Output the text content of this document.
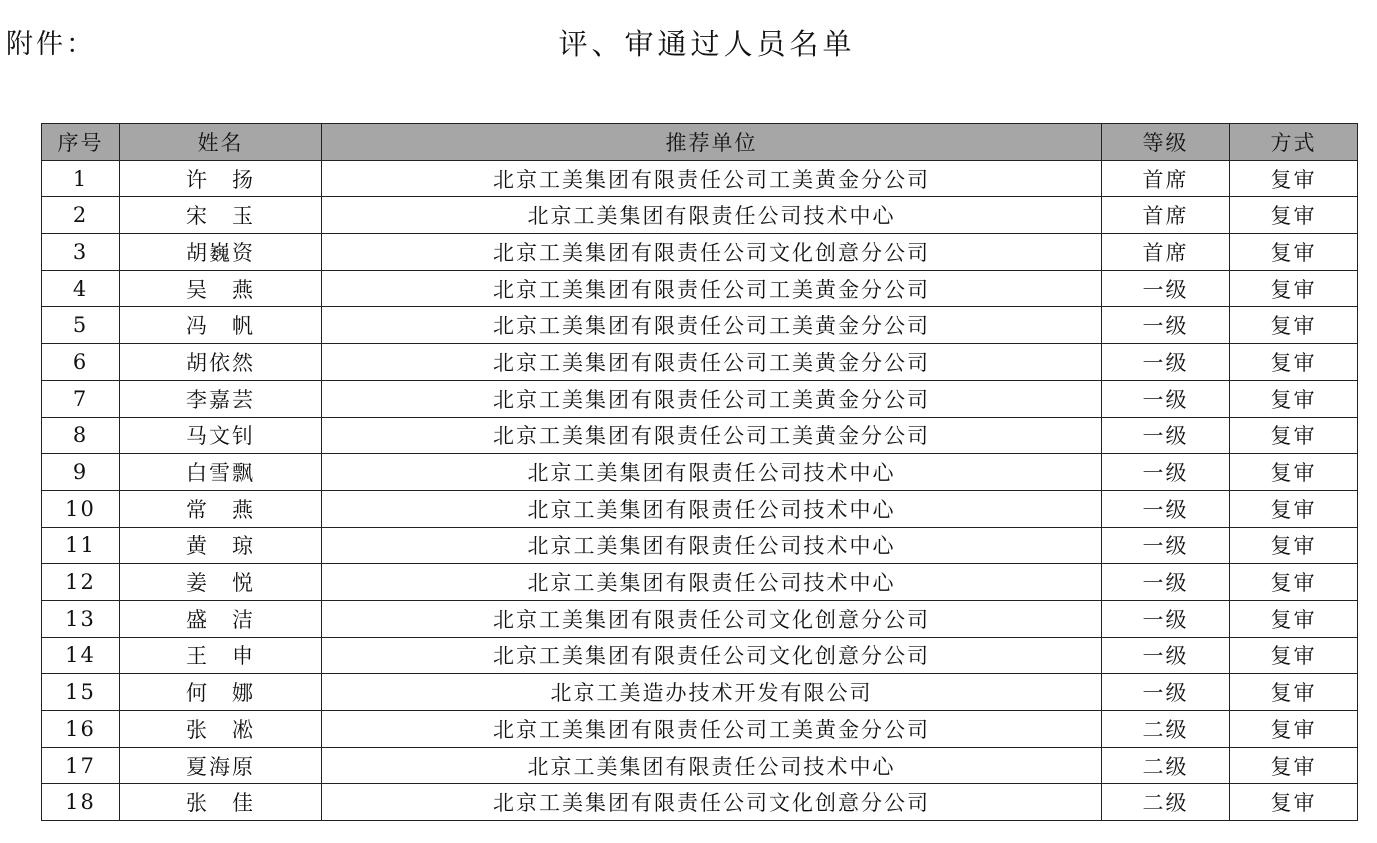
附件：	评、审通过人员名单
序号	姓名	推荐单位	等级	方式
1	许　扬	北京工美集团有限责任公司工美黄金分公司	首席	复审
2	宋　玉	北京工美集团有限责任公司技术中心	首席	复审
3	胡巍资	北京工美集团有限责任公司文化创意分公司	首席	复审
4	吴　燕	北京工美集团有限责任公司工美黄金分公司	一级	复审
5	冯　帆	北京工美集团有限责任公司工美黄金分公司	一级	复审
6	胡依然	北京工美集团有限责任公司工美黄金分公司	一级	复审
7	李嘉芸	北京工美集团有限责任公司工美黄金分公司	一级	复审
8	马文钊	北京工美集团有限责任公司工美黄金分公司	一级	复审
9	白雪飘	北京工美集团有限责任公司技术中心	一级	复审
10	常　燕	北京工美集团有限责任公司技术中心	一级	复审
11	黄　琼	北京工美集团有限责任公司技术中心	一级	复审
12	姜　悦	北京工美集团有限责任公司技术中心	一级	复审
13	盛　洁	北京工美集团有限责任公司文化创意分公司	一级	复审
14	王　申	北京工美集团有限责任公司文化创意分公司	一级	复审
15	何　娜	北京工美造办技术开发有限公司	一级	复审
16	张　凇	北京工美集团有限责任公司工美黄金分公司	二级	复审
17	夏海原	北京工美集团有限责任公司技术中心	二级	复审
18	张　佳	北京工美集团有限责任公司文化创意分公司	二级	复审
